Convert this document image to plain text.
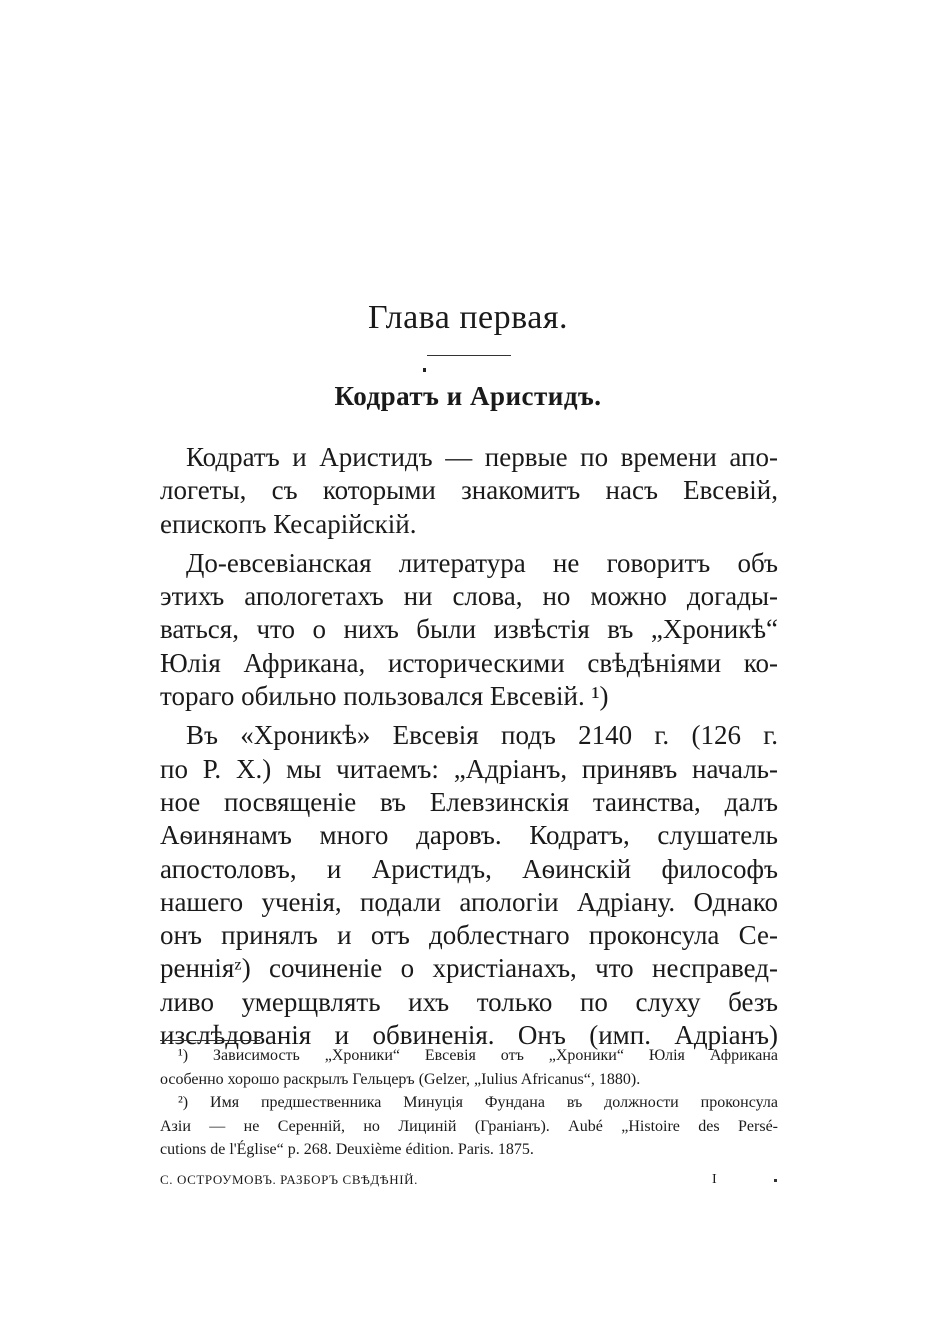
Глава первая.
Кодратъ и Аристидъ.
Кодратъ и Аристидъ — первые по времени апо-
логеты, съ которыми знакомитъ насъ Евсевій,
епископъ Кесарійскій.
До-евсевіанская литература не говоритъ объ
этихъ апологетахъ ни слова, но можно догады-
ваться, что о нихъ были извѣстія въ „Хроникѣ“
Юлія Африкана, историческими свѣдѣніями ко-
тораго обильно пользовался Евсевій. ¹)
Въ «Хроникѣ» Евсевія подъ 2140 г. (126 г.
по Р. X.) мы читаемъ: „Адріанъ, принявъ началь-
ное посвященіе въ Елевзинскія таинства, далъ
Аѳинянамъ много даровъ. Кодратъ, слушатель
апостоловъ, и Аристидъ, Аѳинскій философъ
нашего ученія, подали апологіи Адріану. Однако
онъ принялъ и отъ доблестнаго проконсула Се-
ренніяᶻ) сочиненіе о христіанахъ, что несправед-
ливо умерщвлять ихъ только по слуху безъ
изслѣдованія и обвиненія. Онъ (имп. Адріанъ)
¹) Зависимость „Хроники“ Евсевія отъ „Хроники“ Юлія Африкана
особенно хорошо раскрылъ Гельцеръ (Gelzer, „Iulius Africanus“, 1880).
²) Имя предшественника Минуція Фундана въ должности проконсула
Азіи — не Серенній, но Лициній (Граніанъ). Aubé „Histoire des Persé-
cutions de l'Église“ p. 268. Deuxième édition. Paris. 1875.
С. ОСТРОУМОВЪ. РАЗБОРЪ СВѢДѢНІЙ.	I
